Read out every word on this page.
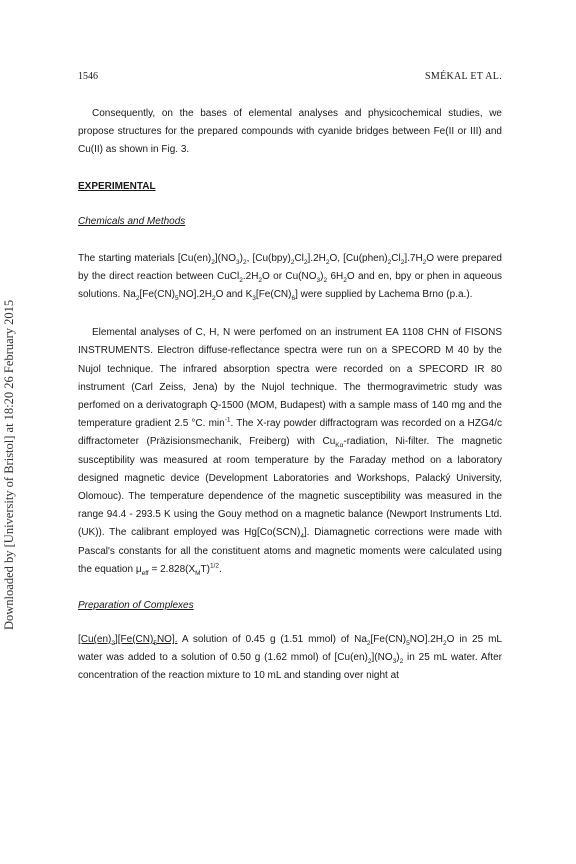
1546	SMÉKAL ET AL.
Downloaded by [University of Bristol] at 18:20 26 February 2015

Consequently, on the bases of elemental analyses and physicochemical studies, we propose structures for the prepared compounds with cyanide bridges between Fe(II or III) and Cu(II) as shown in Fig. 3.

EXPERIMENTAL
Chemicals and Methods

The starting materials $[Cu(en)_2](NO_3)_2$, $[Cu(bpy)_2Cl_2].2H_2O$, $[Cu(phen)_2Cl_2].7H_2O$ were prepared by the direct reaction between $CuCl_2.2H_2O$ or $Cu(NO_3)_2$ $6H_2O$ and en, bpy or phen in aqueous solutions. $Na_2[Fe(CN)_5NO].2H_2O$ and $K_3[Fe(CN)_6]$ were supplied by Lachema Brno (p.a.).

Elemental analyses of C, H, N were perfomed on an instrument EA 1108 CHN of FISONS INSTRUMENTS. Electron diffuse-reflectance spectra were run on a SPECORD M 40 by the Nujol technique. The infrared absorption spectra were recorded on a SPECORD IR 80 instrument (Carl Zeiss, Jena) by the Nujol technique. The thermogravimetric study was perfomed on a derivatograph Q-1500 (MOM, Budapest) with a sample mass of 140 mg and the temperature gradient 2.5 °C. $\min^{-1}$. The X-ray powder diffractogram was recorded on a HZG4/c diffractometer (Präzisionsmechanik, Freiberg) with $Cu_{K\alpha}$-radiation, Ni-filter. The magnetic susceptibility was measured at room temperature by the Faraday method on a laboratory designed magnetic device (Development Laboratories and Workshops, Palacký University, Olomouc). The temperature dependence of the magnetic susceptibility was measured in the range 94.4 - 293.5 K using the Gouy method on a magnetic balance (Newport Instruments Ltd. (UK)). The calibrant employed was $Hg[Co(SCN)_4]$. Diamagnetic corrections were made with Pascal's constants for all the constituent atoms and magnetic moments were calculated using the equation $\mu_{eff} = 2.828(X_MT)^{1/2}$.

Preparation of Complexes

$[Cu(en)_2][Fe(CN)_5NO]$. A solution of 0.45 g (1.51 mmol) of $Na_2[Fe(CN)_5NO].2H_2O$ in 25 mL water was added to a solution of 0.50 g (1.62 mmol) of $[Cu(en)_2](NO_3)_2$ in 25 mL water. After concentration of the reaction mixture to 10 mL and standing over night at
